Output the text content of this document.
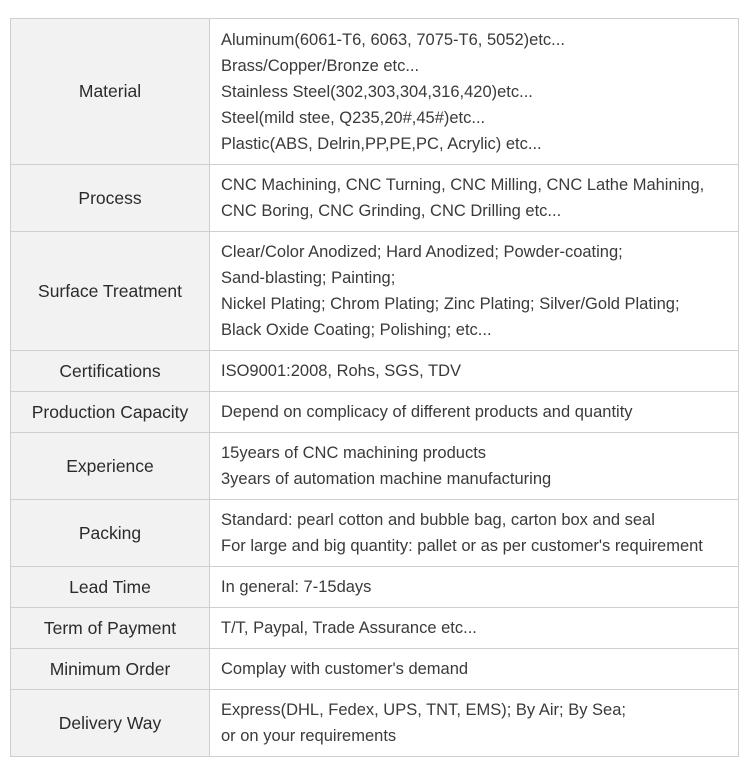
Material	Aluminum(6061-T6, 6063, 7075-T6, 5052)etc...
Brass/Copper/Bronze etc...
Stainless Steel(302,303,304,316,420)etc...
Steel(mild stee, Q235,20#,45#)etc...
Plastic(ABS, Delrin,PP,PE,PC, Acrylic) etc...

Process	CNC Machining, CNC Turning, CNC Milling, CNC Lathe Mahining,
CNC Boring, CNC Grinding, CNC Drilling etc...

Surface Treatment	Clear/Color Anodized; Hard Anodized; Powder-coating;
Sand-blasting; Painting;
Nickel Plating; Chrom Plating; Zinc Plating; Silver/Gold Plating;
Black Oxide Coating; Polishing; etc...

Certifications	ISO9001:2008, Rohs, SGS, TDV

Production Capacity	Depend on complicacy of different products and quantity

Experience	15years of CNC machining products
3years of automation machine manufacturing

Packing	Standard: pearl cotton and bubble bag, carton box and seal
For large and big quantity: pallet or as per customer's requirement

Lead Time	In general: 7-15days

Term of Payment	T/T, Paypal, Trade Assurance etc...

Minimum Order	Complay with customer's demand

Delivery Way	Express(DHL, Fedex, UPS, TNT, EMS); By Air; By Sea;
or on your requirements
